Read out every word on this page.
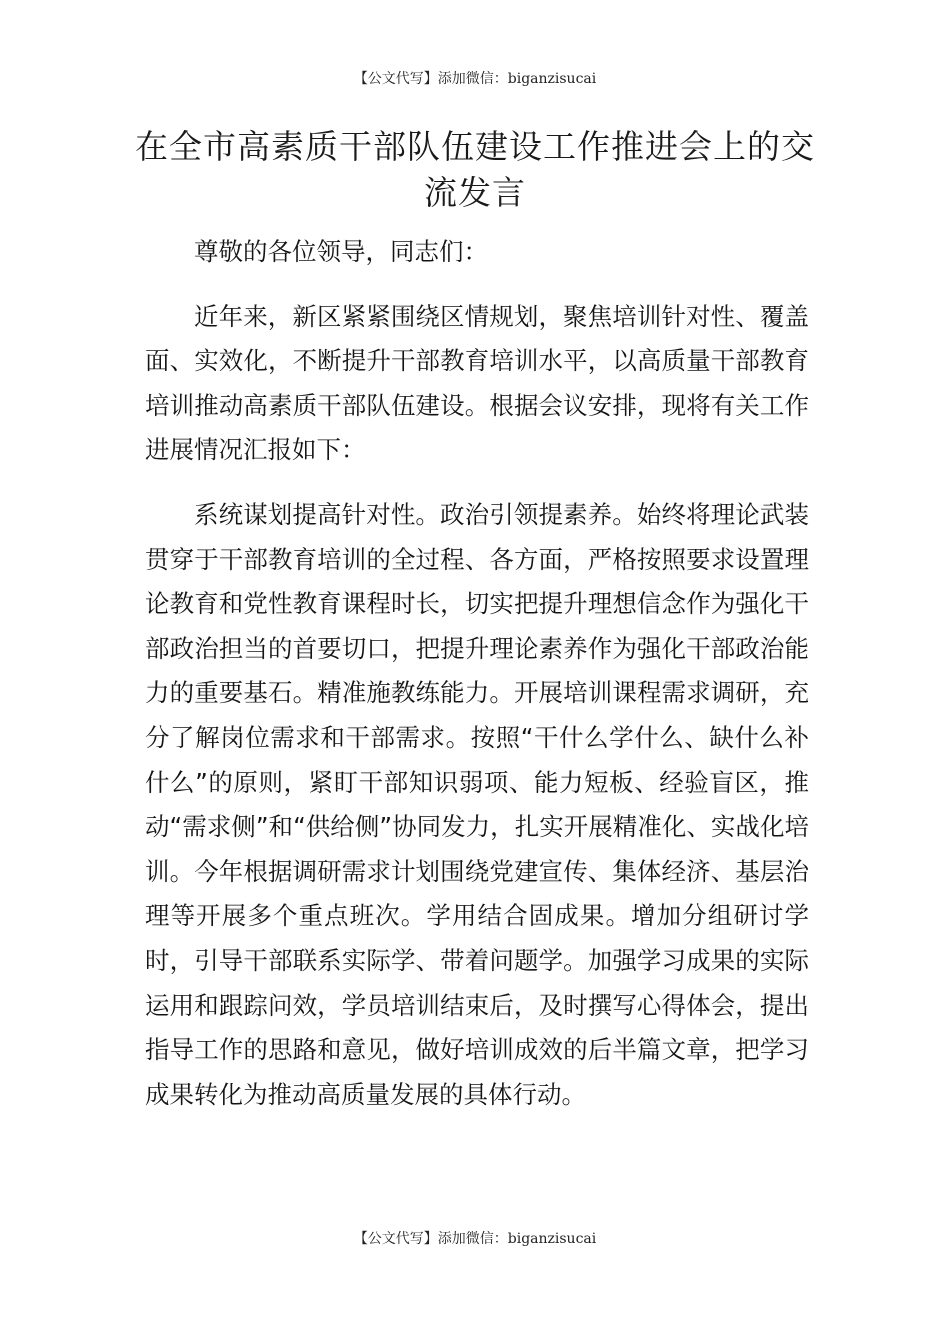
【公文代写】添加微信：biganzisucai
在全市高素质干部队伍建设工作推进会上的交流发言

尊敬的各位领导，同志们：

近年来，新区紧紧围绕区情规划，聚焦培训针对性、覆盖面、实效化，不断提升干部教育培训水平，以高质量干部教育培训推动高素质干部队伍建设。根据会议安排，现将有关工作进展情况汇报如下：

系统谋划提高针对性。政治引领提素养。始终将理论武装贯穿于干部教育培训的全过程、各方面，严格按照要求设置理论教育和党性教育课程时长，切实把提升理想信念作为强化干部政治担当的首要切口，把提升理论素养作为强化干部政治能力的重要基石。精准施教练能力。开展培训课程需求调研，充分了解岗位需求和干部需求。按照“干什么学什么、缺什么补什么”的原则，紧盯干部知识弱项、能力短板、经验盲区，推动“需求侧”和“供给侧”协同发力，扎实开展精准化、实战化培训。今年根据调研需求计划围绕党建宣传、集体经济、基层治理等开展多个重点班次。学用结合固成果。增加分组研讨学时，引导干部联系实际学、带着问题学。加强学习成果的实际运用和跟踪问效，学员培训结束后，及时撰写心得体会，提出指导工作的思路和意见，做好培训成效的后半篇文章，把学习成果转化为推动高质量发展的具体行动。

【公文代写】添加微信：biganzisucai
